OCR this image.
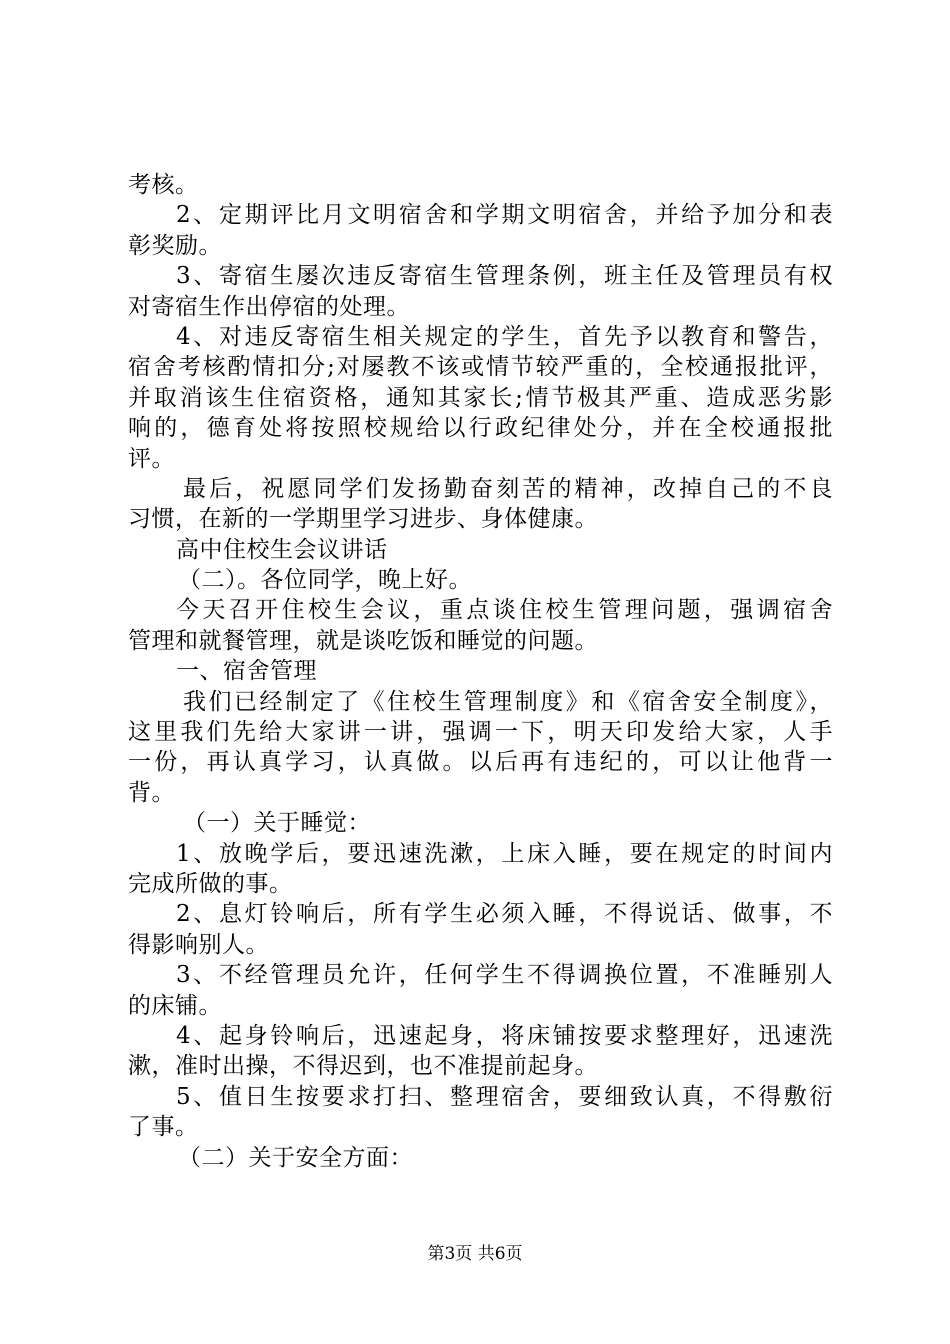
考核。
2、定期评比月文明宿舍和学期文明宿舍，并给予加分和表
彰奖励。
3、寄宿生屡次违反寄宿生管理条例，班主任及管理员有权
对寄宿生作出停宿的处理。
4、对违反寄宿生相关规定的学生，首先予以教育和警告，
宿舍考核酌情扣分;对屡教不该或情节较严重的，全校通报批评，
并取消该生住宿资格，通知其家长;情节极其严重、造成恶劣影
响的，德育处将按照校规给以行政纪律处分，并在全校通报批
评。
最后，祝愿同学们发扬勤奋刻苦的精神，改掉自己的不良
习惯，在新的一学期里学习进步、身体健康。
高中住校生会议讲话
（二）。各位同学，晚上好。
今天召开住校生会议，重点谈住校生管理问题，强调宿舍
管理和就餐管理，就是谈吃饭和睡觉的问题。
一、宿舍管理
我们已经制定了《住校生管理制度》和《宿舍安全制度》，
这里我们先给大家讲一讲，强调一下，明天印发给大家，人手
一份，再认真学习，认真做。以后再有违纪的，可以让他背一
背。
（一）关于睡觉：
1、放晚学后，要迅速洗漱，上床入睡，要在规定的时间内
完成所做的事。
2、息灯铃响后，所有学生必须入睡，不得说话、做事，不
得影响别人。
3、不经管理员允许，任何学生不得调换位置，不准睡别人
的床铺。
4、起身铃响后，迅速起身，将床铺按要求整理好，迅速洗
漱，准时出操，不得迟到，也不准提前起身。
5、值日生按要求打扫、整理宿舍，要细致认真，不得敷衍
了事。
（二）关于安全方面：
第3页 共6页
